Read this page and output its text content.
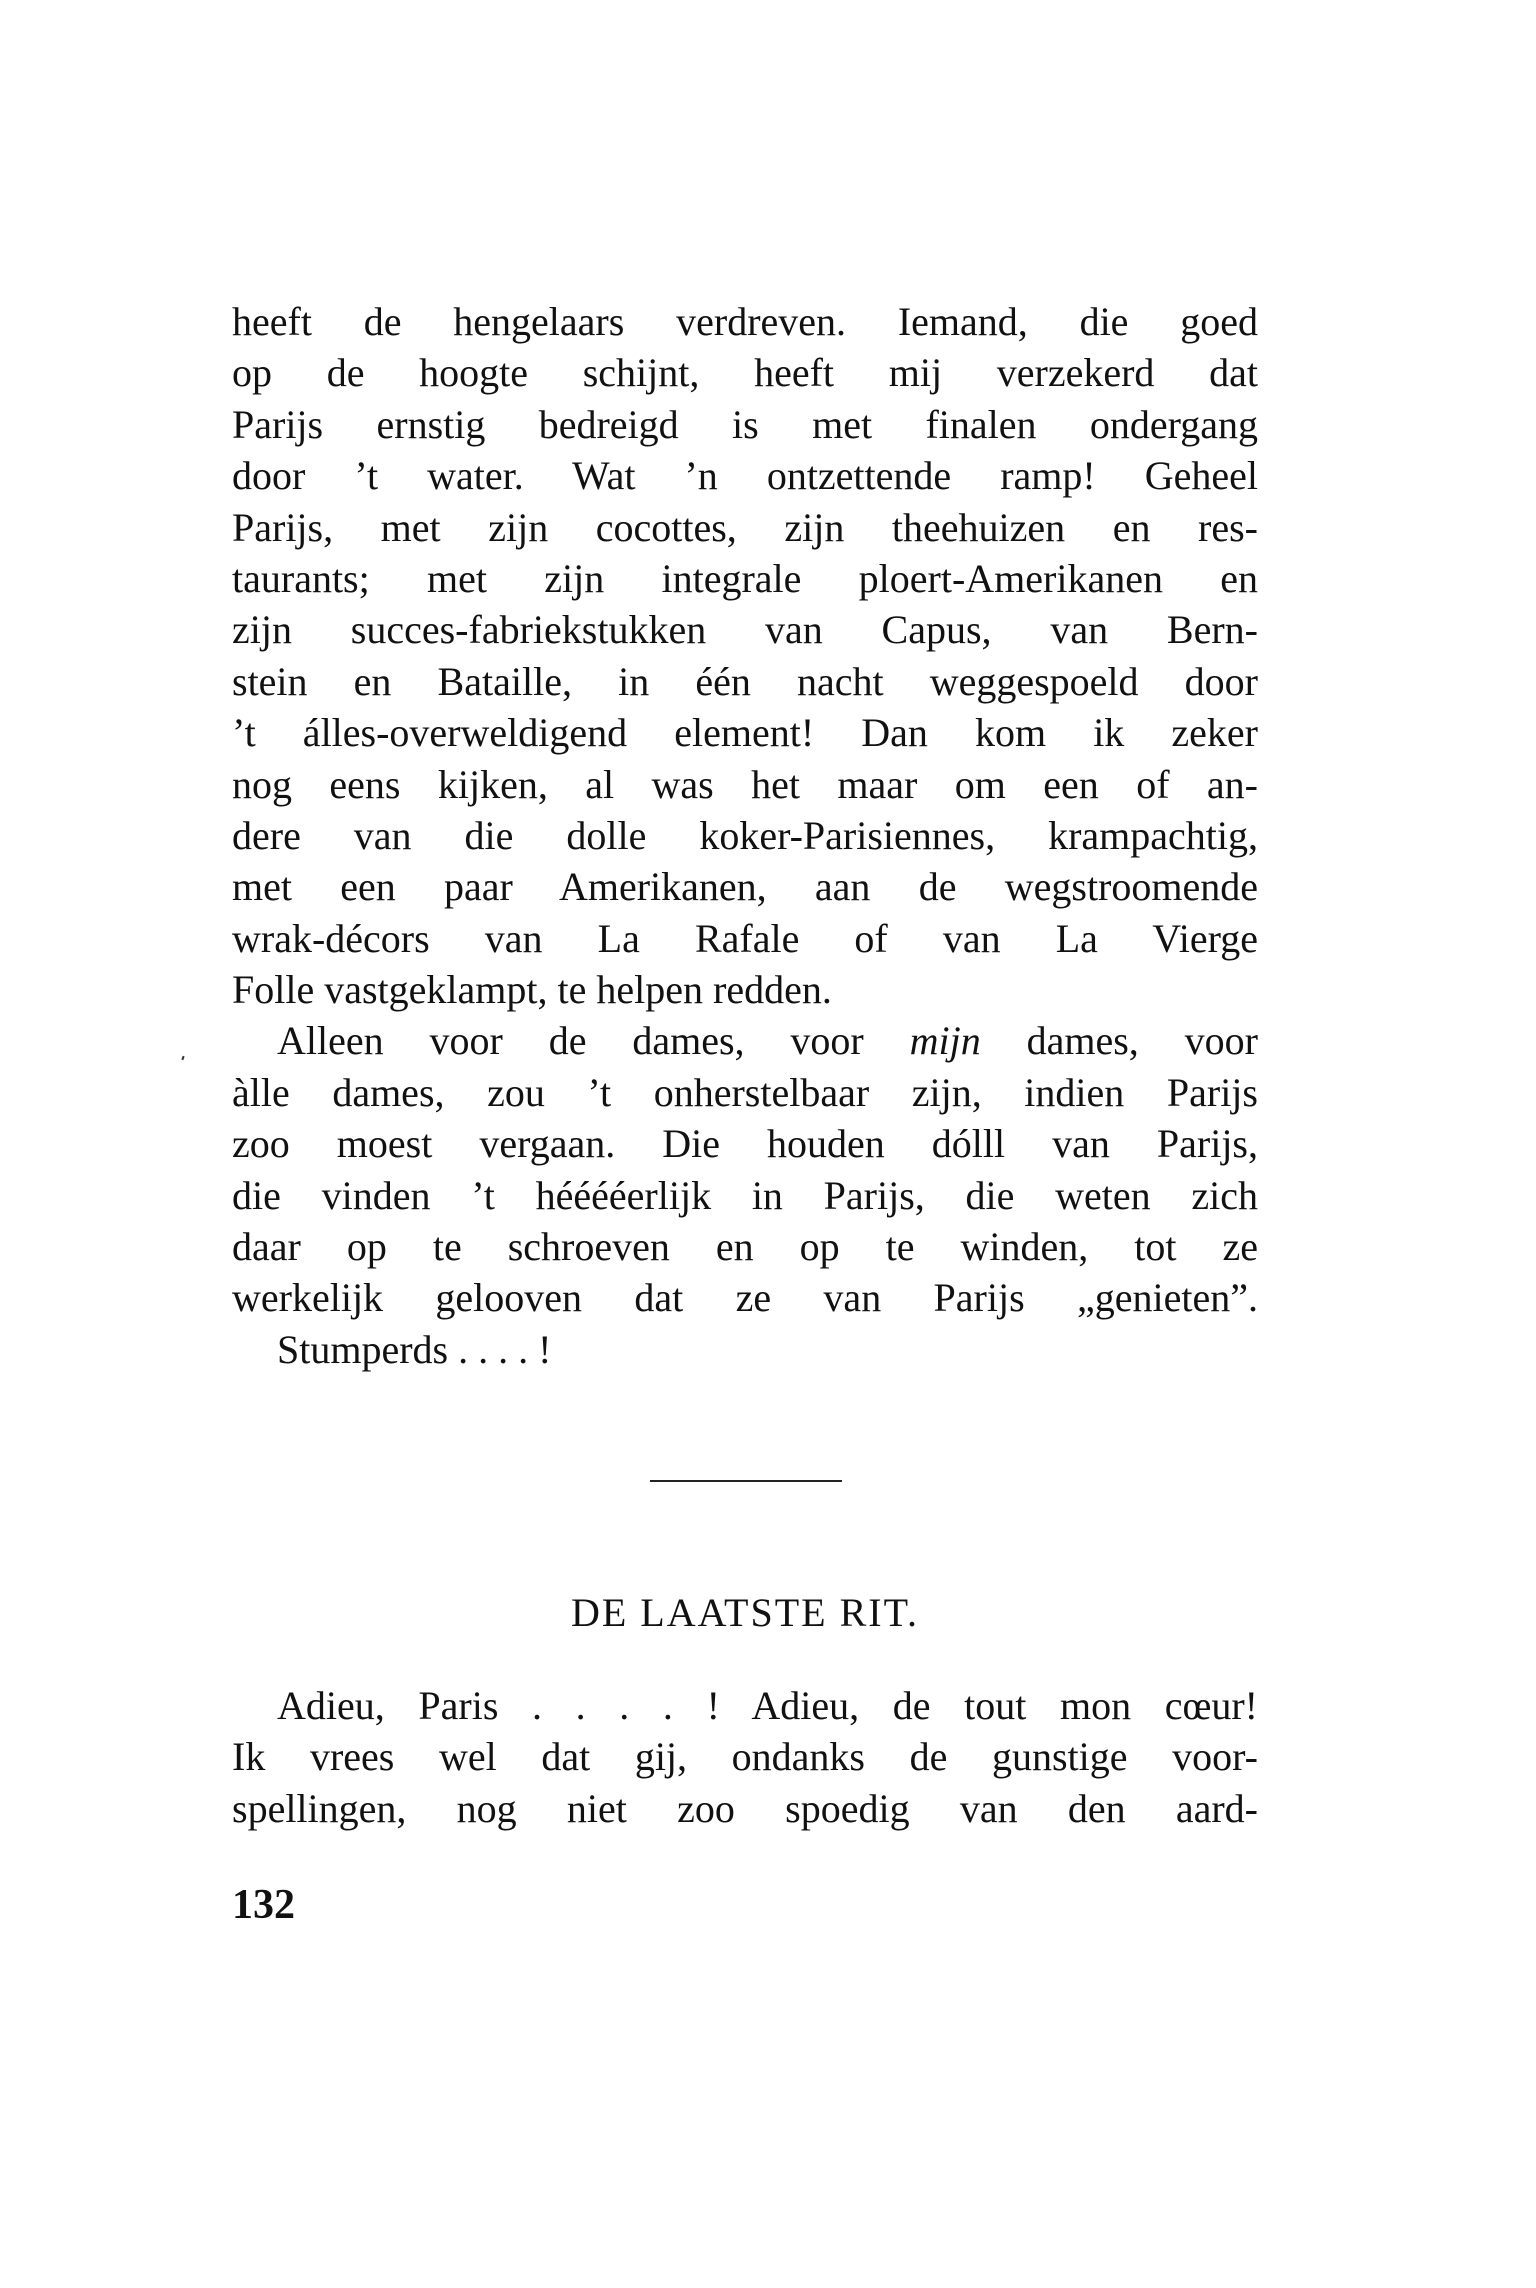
heeft de hengelaars verdreven. Iemand, die goed
op de hoogte schijnt, heeft mij verzekerd dat
Parijs ernstig bedreigd is met finalen ondergang
door ’t water. Wat ’n ontzettende ramp! Geheel
Parijs, met zijn cocottes, zijn theehuizen en res-
taurants; met zijn integrale ploert-Amerikanen en
zijn succes-fabriekstukken van Capus, van Bern-
stein en Bataille, in één nacht weggespoeld door
’t álles-overweldigend element! Dan kom ik zeker
nog eens kijken, al was het maar om een of an-
dere van die dolle koker-Parisiennes, krampachtig,
met een paar Amerikanen, aan de wegstroomende
wrak-décors van La Rafale of van La Vierge
Folle vastgeklampt, te helpen redden.
Alleen voor de dames, voor mijn dames, voor
àlle dames, zou ’t onherstelbaar zijn, indien Parijs
zoo moest vergaan. Die houden dólll van Parijs,
die vinden ’t hééééerlijk in Parijs, die weten zich
daar op te schroeven en op te winden, tot ze
werkelijk gelooven dat ze van Parijs „genieten”.
Stumperds . . . . !
DE LAATSTE RIT.
Adieu, Paris . . . . ! Adieu, de tout mon cœur!
Ik vrees wel dat gij, ondanks de gunstige voor-
spellingen, nog niet zoo spoedig van den aard-
132
